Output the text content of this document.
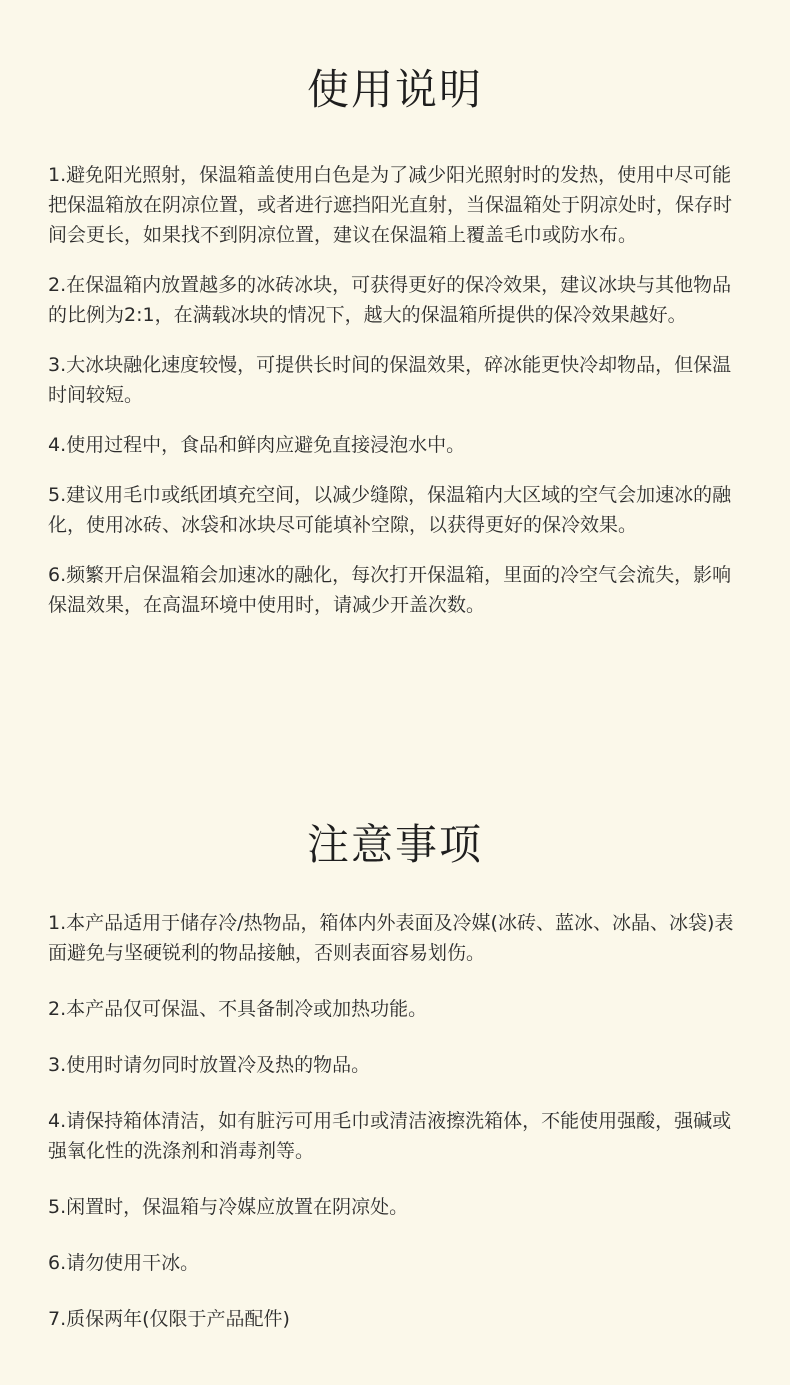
使用说明
1.避免阳光照射，保温箱盖使用白色是为了减少阳光照射时的发热，使用中尽可能把保温箱放在阴凉位置，或者进行遮挡阳光直射，当保温箱处于阴凉处时，保存时间会更长，如果找不到阴凉位置，建议在保温箱上覆盖毛巾或防水布。
2.在保温箱内放置越多的冰砖冰块，可获得更好的保冷效果，建议冰块与其他物品的比例为2:1，在满载冰块的情况下，越大的保温箱所提供的保冷效果越好。
3.大冰块融化速度较慢，可提供长时间的保温效果，碎冰能更快冷却物品，但保温时间较短。
4.使用过程中，食品和鲜肉应避免直接浸泡水中。
5.建议用毛巾或纸团填充空间，以减少缝隙，保温箱内大区域的空气会加速冰的融化，使用冰砖、冰袋和冰块尽可能填补空隙，以获得更好的保冷效果。
6.频繁开启保温箱会加速冰的融化，每次打开保温箱，里面的冷空气会流失，影响保温效果，在高温环境中使用时，请减少开盖次数。
注意事项
1.本产品适用于储存冷/热物品，箱体内外表面及冷媒(冰砖、蓝冰、冰晶、冰袋)表面避免与坚硬锐利的物品接触，否则表面容易划伤。
2.本产品仅可保温、不具备制冷或加热功能。
3.使用时请勿同时放置冷及热的物品。
4.请保持箱体清洁，如有脏污可用毛巾或清洁液擦洗箱体，不能使用强酸，强碱或强氧化性的洗涤剂和消毒剂等。
5.闲置时，保温箱与冷媒应放置在阴凉处。
6.请勿使用干冰。
7.质保两年(仅限于产品配件)
